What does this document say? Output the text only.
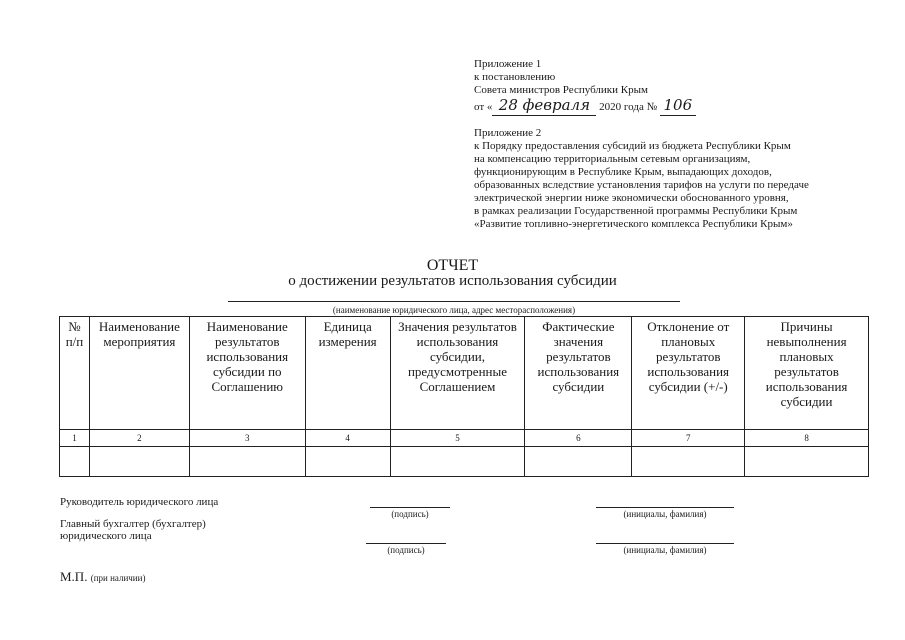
Приложение 1
к постановлению
Совета министров Республики Крым
от « 28 февраля 2020 года № 106
Приложение 2
к Порядку предоставления субсидий из бюджета Республики Крым
на компенсацию территориальным сетевым организациям,
функционирующим в Республике Крым, выпадающих доходов,
образованных вследствие установления тарифов на услуги по передаче
электрической энергии ниже экономически обоснованного уровня,
в рамках реализации Государственной программы Республики Крым
«Развитие топливно-энергетического комплекса Республики Крым»
ОТЧЕТ
о достижении результатов использования субсидии
(наименование юридического лица, адрес месторасположения)
№ п/п	Наименование мероприятия	Наименование результатов использования субсидии по Соглашению	Единица измерения	Значения результатов использования субсидии, предусмотренные Соглашением	Фактические значения результатов использования субсидии	Отклонение от плановых результатов использования субсидии (+/-)	Причины невыполнения плановых результатов использования субсидии
1	2	3	4	5	6	7	8

Руководитель юридического лица
(подпись)	(инициалы, фамилия)
Главный бухгалтер (бухгалтер)
юридического лица
(подпись)	(инициалы, фамилия)
М.П. (при наличии)
